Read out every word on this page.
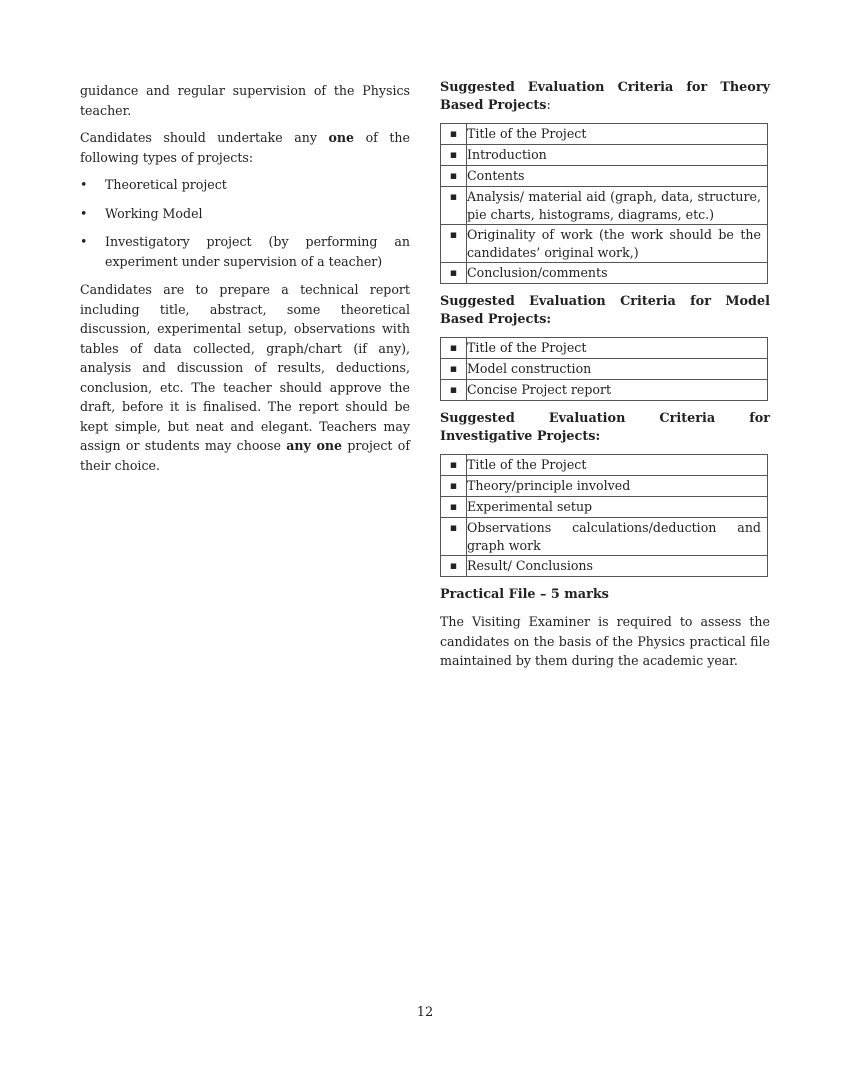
guidance and regular supervision of the Physics teacher.

Candidates should undertake any one of the following types of projects:

• Theoretical project
• Working Model
• Investigatory project (by performing an experiment under supervision of a teacher)

Candidates are to prepare a technical report including title, abstract, some theoretical discussion, experimental setup, observations with tables of data collected, graph/chart (if any), analysis and discussion of results, deductions, conclusion, etc. The teacher should approve the draft, before it is finalised. The report should be kept simple, but neat and elegant. Teachers may assign or students may choose any one project of their choice.

Suggested Evaluation Criteria for Theory Based Projects:
▪	Title of the Project
▪	Introduction
▪	Contents
▪	Analysis/ material aid (graph, data, structure, pie charts, histograms, diagrams, etc.)
▪	Originality of work (the work should be the candidates’ original work,)
▪	Conclusion/comments
Suggested Evaluation Criteria for Model Based Projects:
▪	Title of the Project
▪	Model construction
▪	Concise Project report
Suggested Evaluation Criteria for Investigative Projects:
▪	Title of the Project
▪	Theory/principle involved
▪	Experimental setup
▪	Observations calculations/deduction and graph work
▪	Result/ Conclusions
Practical File – 5 marks

The Visiting Examiner is required to assess the candidates on the basis of the Physics practical file maintained by them during the academic year.

12
